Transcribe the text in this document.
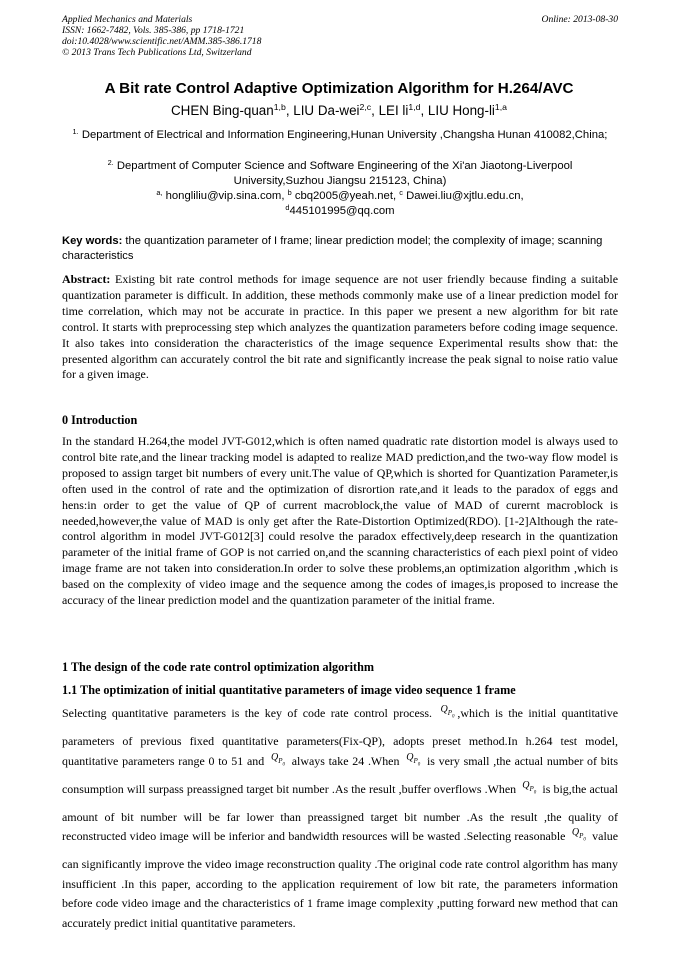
Applied Mechanics and Materials
ISSN: 1662-7482, Vols. 385-386, pp 1718-1721
doi:10.4028/www.scientific.net/AMM.385-386.1718
© 2013 Trans Tech Publications Ltd, Switzerland
Online: 2013-08-30
A Bit rate Control Adaptive Optimization Algorithm for H.264/AVC
CHEN Bing-quan$^{1,b}$, LIU Da-wei$^{2,c}$, LEI li$^{1,d}$, LIU Hong-li$^{1,a}$
$^{1.}$ Department of Electrical and Information Engineering,Hunan University ,Changsha Hunan 410082,China;
$^{2.}$ Department of Computer Science and Software Engineering of the Xi'an Jiaotong-Liverpool University,Suzhou Jiangsu 215123, China)
$^{a,}$ hongliliu@vip.sina.com, $^b$ cbq2005@yeah.net, $^c$ Dawei.liu@xjtlu.edu.cn,
$^d$445101995@qq.com
Key words: the quantization parameter of I frame; linear prediction model; the complexity of image; scanning characteristics
Abstract: Existing bit rate control methods for image sequence are not user friendly because finding a suitable quantization parameter is difficult. In addition, these methods commonly make use of a linear prediction model for time correlation, which may not be accurate in practice. In this paper we present a new algorithm for bit rate control. It starts with preprocessing step which analyzes the quantization parameters before coding image sequence. It also takes into consideration the characteristics of the image sequence Experimental results show that: the presented algorithm can accurately control the bit rate and significantly increase the peak signal to noise ratio value for a given image.
0 Introduction
In the standard H.264,the model JVT-G012,which is often named quadratic rate distortion model is always used to control bite rate,and the linear tracking model is adapted to realize MAD prediction,and the two-way flow model is proposed to assign target bit numbers of every unit.The value of QP,which is shorted for Quantization Parameter,is often used in the control of rate and the optimization of disrortion rate,and it leads to the paradox of eggs and hens:in order to get the value of QP of current macroblock,the value of MAD of curernt macroblock is needed,however,the value of MAD is only get after the Rate-Distortion Optimized(RDO). [1-2]Although the rate-control algorithm in model JVT-G012[3] could resolve the paradox effectively,deep research in the quantization parameter of the initial frame of GOP is not carried on,and the scanning characteristics of each piexl point of video image frame are not taken into consideration.In order to solve these problems,an optimization algorithm ,which is based on the complexity of video image and the sequence among the codes of images,is proposed to increase the accuracy of the linear prediction model and the quantization parameter of the initial frame.
1 The design of the code rate control optimization algorithm
1.1 The optimization of initial quantitative parameters of image video sequence 1 frame
Selecting quantitative parameters is the key of code rate control process. $^{Q_{P_0}}$ ,which is the initial quantitative parameters of previous fixed quantitative parameters(Fix-QP), adopts preset method.In h.264 test model, quantitative parameters range 0 to 51 and $^{Q_{P_0}}$ always take 24 .When $^{Q_{P_0}}$ is very small ,the actual number of bits consumption will surpass preassigned target bit number .As the result ,buffer overflows .When $^{Q_{P_0}}$ is big,the actual amount of bit number will be far lower than preassigned target bit number .As the result ,the quality of reconstructed video image will be inferior and bandwidth resources will be wasted .Selecting reasonable $^{Q_{P_0}}$ value can significantly improve the video image reconstruction quality .The original code rate control algorithm has many insufficient .In this paper, according to the application requirement of low bit rate, the parameters information before code video image and the characteristics of 1 frame image complexity ,putting forward new method that can accurately predict initial quantitative parameters.
